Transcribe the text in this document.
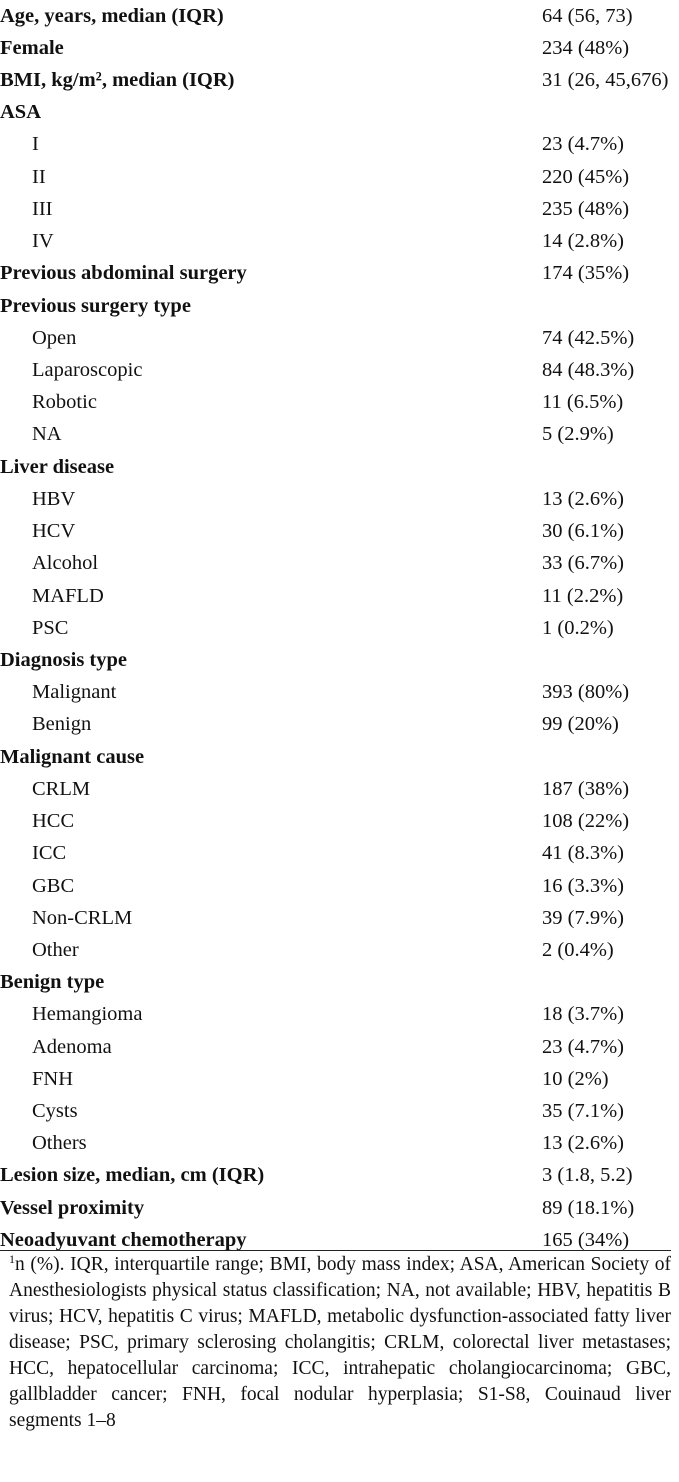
Age, years, median (IQR)	64 (56, 73)
Female	234 (48%)
BMI, kg/m², median (IQR)	31 (26, 45,676)
ASA	
I	23 (4.7%)
II	220 (45%)
III	235 (48%)
IV	14 (2.8%)
Previous abdominal surgery	174 (35%)
Previous surgery type	
Open	74 (42.5%)
Laparoscopic	84 (48.3%)
Robotic	11 (6.5%)
NA	5 (2.9%)
Liver disease	
HBV	13 (2.6%)
HCV	30 (6.1%)
Alcohol	33 (6.7%)
MAFLD	11 (2.2%)
PSC	1 (0.2%)
Diagnosis type	
Malignant	393 (80%)
Benign	99 (20%)
Malignant cause	
CRLM	187 (38%)
HCC	108 (22%)
ICC	41 (8.3%)
GBC	16 (3.3%)
Non-CRLM	39 (7.9%)
Other	2 (0.4%)
Benign type	
Hemangioma	18 (3.7%)
Adenoma	23 (4.7%)
FNH	10 (2%)
Cysts	35 (7.1%)
Others	13 (2.6%)
Lesion size, median, cm (IQR)	3 (1.8, 5.2)
Vessel proximity	89 (18.1%)
Neoadyuvant chemotherapy	165 (34%)
$^1$n (%). IQR, interquartile range; BMI, body mass index; ASA, American Society of Anesthesiologists physical status classification; NA, not available; HBV, hepatitis B virus; HCV, hepatitis C virus; MAFLD, metabolic dysfunction-associated fatty liver disease; PSC, primary sclerosing cholangitis; CRLM, colorectal liver metastases; HCC, hepatocellular carcinoma; ICC, intrahepatic cholangiocarcinoma; GBC, gallbladder cancer; FNH, focal nodular hyperplasia; S1-S8, Couinaud liver segments 1–8
